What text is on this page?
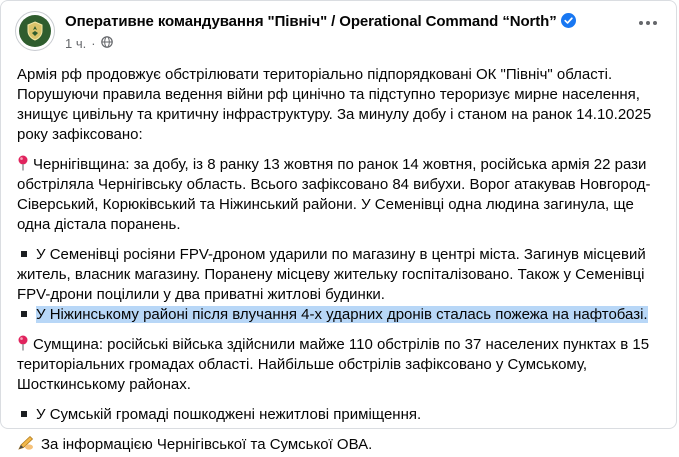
Оперативне командування "Північ" / Operational Command “North”
1 ч. ·

Армія рф продовжує обстрілювати територіально підпорядковані ОК "Північ" області. Порушуючи правила ведення війни рф цинічно та підступно тероризує мирне населення, знищує цивільну та критичну інфраструктуру. За минулу добу і станом на ранок 14.10.2025 року зафіксовано:

Чернігівщина: за добу, із 8 ранку 13 жовтня по ранок 14 жовтня, російська армія 22 рази обстріляла Чернігівську область. Всього зафіксовано 84 вибухи. Ворог атакував Новгород-Сіверський, Корюківський та Ніжинський райони. У Семенівці одна людина загинула, ще одна дістала поранень.

У Семенівці росіяни FPV-дроном ударили по магазину в центрі міста. Загинув місцевий житель, власник магазину. Поранену місцеву жительку госпіталізовано. Також у Семенівці FPV-дрони поцілили у два приватні житлові будинки.

У Ніжинському районі після влучання 4-х ударних дронів сталась пожежа на нафтобазі.

Сумщина: російські війська здійснили майже 110 обстрілів по 37 населених пунктах в 15 територіальних громадах області. Найбільше обстрілів зафіксовано у Сумському, Шосткинському районах.

У Сумській громаді пошкоджені нежитлові приміщення.

За інформацією Чернігівської та Сумської ОВА.
